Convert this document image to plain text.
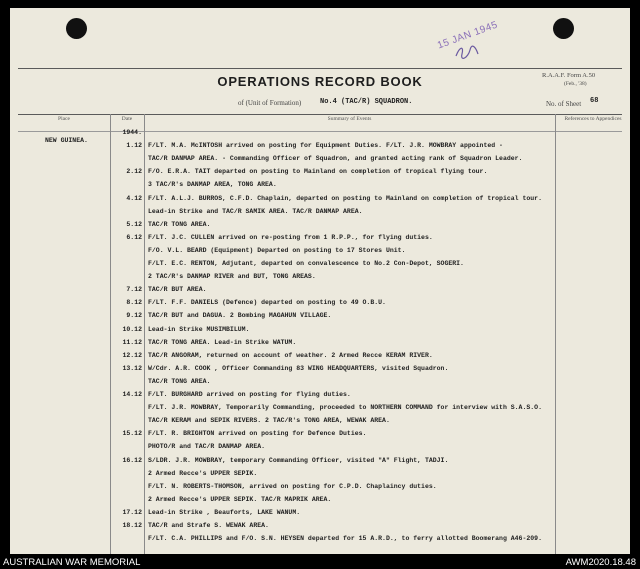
15 JAN 1945
OPERATIONS RECORD BOOK	R.A.A.F. Form A.50
(Feb., '38)
of (Unit of Formation)	No.4 (TAC/R) SQUADRON.	No. of Sheet 68
Place	Date	Summary of Events	References to Appendices
NEW GUINEA.
1944.
1.12 F/LT. M.A. McINTOSH arrived on posting for Equipment Duties. F/LT. J.R. MOWBRAY appointed -
TAC/R DANMAP AREA. - Commanding Officer of Squadron, and granted acting rank of Squadron Leader.
2.12 F/O. E.R.A. TAIT departed on posting to Mainland on completion of tropical flying tour.
3 TAC/R's DANMAP AREA, TONG AREA.
4.12 F/LT. A.L.J. BURROS, C.F.D. Chaplain, departed on posting to Mainland on completion of tropical tour.
Lead-in Strike and TAC/R SAMIK AREA. TAC/R DANMAP AREA.
5.12 TAC/R TONG AREA.
6.12 F/LT. J.C. CULLEN arrived on re-posting from 1 R.P.P., for flying duties.
F/O. V.L. BEARD (Equipment) Departed on posting to 17 Stores Unit.
F/LT. E.C. RENTON, Adjutant, departed on convalescence to No.2 Con-Depot, SOGERI.
2 TAC/R's DANMAP RIVER and BUT, TONG AREAS.
7.12 TAC/R BUT AREA.
8.12 F/LT. F.F. DANIELS (Defence) departed on posting to 49 O.B.U.
9.12 TAC/R BUT and DAGUA. 2 Bombing MAGAHUN VILLAGE.
10.12 Lead-in Strike MUSIMBILUM.
11.12 TAC/R TONG AREA. Lead-in Strike WATUM.
12.12 TAC/R ANGORAM, returned on account of weather. 2 Armed Recce KERAM RIVER.
13.12 W/Cdr. A.R. COOK , Officer Commanding 83 WING HEADQUARTERS, visited Squadron.
TAC/R TONG AREA.
14.12 F/LT. BURGHARD arrived on posting for flying duties.
F/LT. J.R. MOWBRAY, Temporarily Commanding, proceeded to NORTHERN COMMAND for interview with S.A.S.O.
TAC/R KERAM and SEPIK RIVERS. 2 TAC/R's TONG AREA, WEWAK AREA.
15.12 F/LT. R. BRIGHTON arrived on posting for Defence Duties.
PHOTO/R and TAC/R DANMAP AREA.
16.12 S/LDR. J.R. MOWBRAY, temporary Commanding Officer, visited "A" Flight, TADJI.
2 Armed Recce's UPPER SEPIK.
F/LT. N. ROBERTS-THOMSON, arrived on posting for C.P.D. Chaplaincy duties.
2 Armed Recce's UPPER SEPIK. TAC/R MAPRIK AREA.
17.12 Lead-in Strike , Beauforts, LAKE WANUM.
18.12 TAC/R and Strafe S. WEWAK AREA.
F/LT. C.A. PHILLIPS and F/O. S.N. HEYSEN departed for 15 A.R.D., to ferry allotted Boomerang A46-209.
AUSTRALIAN WAR MEMORIAL	AWM2020.18.48
